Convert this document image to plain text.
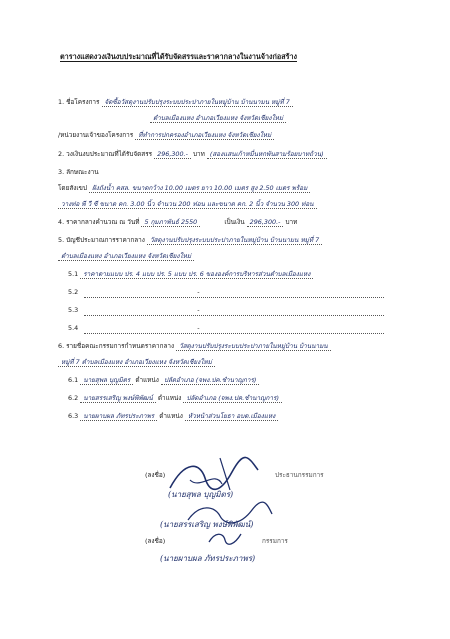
ตารางแสดงวงเงินงบประมาณที่ได้รับจัดสรรและราคากลางในงานจ้างก่อสร้าง
1. ชื่อโครงการ จัดซื้อวัสดุงานปรับปรุงระบบประปาภายในหมู่บ้าน บ้านนามน หมู่ที่ 7
ตำบลเมืองแหง อำเภอเวียงแหง จังหวัดเชียงใหม่
/หน่วยงานเจ้าของโครงการ ที่ทำการปกครองอำเภอเวียงแหง จังหวัดเชียงใหม่
2. วงเงินงบประมาณที่ได้รับจัดสรร 296,300.- บาท (สองแสนเก้าหมื่นหกพันสามร้อยบาทถ้วน)
3. ลักษณะงาน
โดยสังเขป ฝังถังน้ำ คสล. ขนาดกว้าง 10.00 เมตร ยาว 10.00 เมตร สูง 2.50 เมตร พร้อม
วางท่อ พี วี ซี ขนาด คก. 3.00 นิ้ว จำนวน 200 ท่อน และขนาด คก. 2 นิ้ว จำนวน 300 ท่อน
4. ราคากลางคำนวณ ณ วันที่ 5 กุมภาพันธ์ 2550	เป็นเงิน 296,300.- บาท
5. บัญชีประมาณการราคากลาง วัสดุงานปรับปรุงระบบประปาภายในหมู่บ้าน บ้านนามน หมู่ที่ 7
ตำบลเมืองแหง อำเภอเวียงแหง จังหวัดเชียงใหม่
5.1 ราคาตามแบบ ปร. 4 แบบ ปร. 5 แบบ ปร. 6 ขององค์การบริหารส่วนตำบลเมืองแหง
5.2	-
5.3	-
5.4	-
6. รายชื่อคณะกรรมการกำหนดราคากลาง วัสดุงานปรับปรุงระบบประปาภายในหมู่บ้าน บ้านนามน
หมู่ที่ 7 ตำบลเมืองแหง อำเภอเวียงแหง จังหวัดเชียงใหม่
6.1 นายสุพล บุญมิตร ตำแหน่ง ปลัดอำเภอ (จพง.ปค.ชำนาญการ)
6.2 นายสรรเสริญ พงษ์พิพัฒน์ ตำแหน่ง ปลัดอำเภอ (จพง.ปค.ชำนาญการ)
6.3 นายผาบผล ภัทรประภาพร ตำแหน่ง หัวหน้าส่วนโยธา อบต.เมืองแหง
(ลงชื่อ)	ประธานกรรมการ
(นายสุพล บุญมิตร)
(นายสรรเสริญ พงษ์พิพัฒน์)
(ลงชื่อ)	กรรมการ
(นายผาบผล ภัทรประภาพร)
